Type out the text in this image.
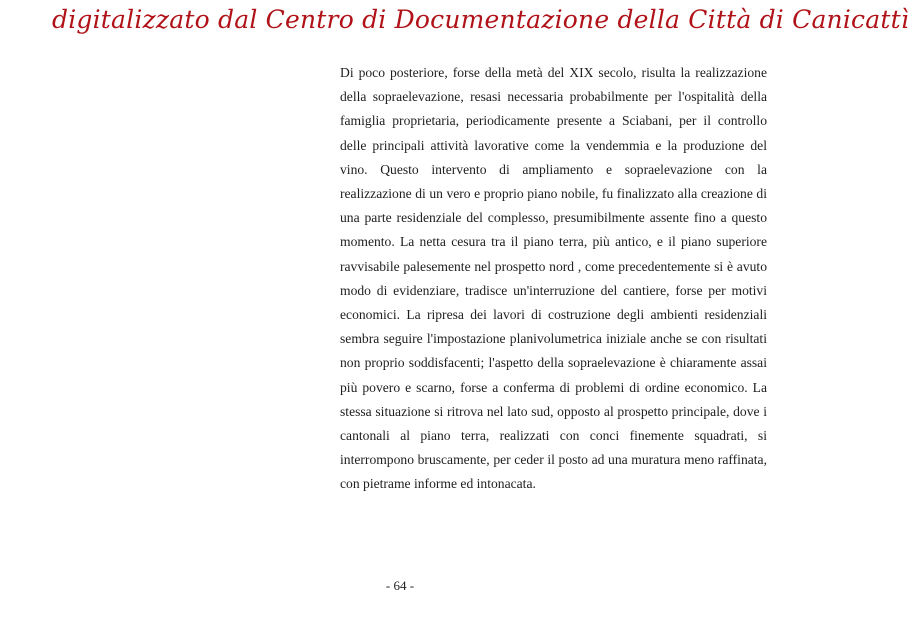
digitalizzato dal Centro di Documentazione della Città di Canicattì

Di poco posteriore, forse della metà del XIX secolo, risulta la realizzazione della sopraelevazione, resasi necessaria probabilmente per l'ospitalità della famiglia proprietaria, periodicamente presente a Sciabani, per il controllo delle principali attività lavorative come la vendemmia e la produzione del vino. Questo intervento di ampliamento e sopraelevazione con la realizzazione di un vero e proprio piano nobile, fu finalizzato alla creazione di una parte residenziale del complesso, presumibilmente assente fino a questo momento. La netta cesura tra il piano terra, più antico, e il piano superiore ravvisabile palesemente nel prospetto nord , come precedentemente si è avuto modo di evidenziare, tradisce un'interruzione del cantiere, forse per motivi economici. La ripresa dei lavori di costruzione degli ambienti residenziali sembra seguire l'impostazione planivolumetrica iniziale anche se con risultati non proprio soddisfacenti; l'aspetto della sopraelevazione è chiaramente assai più povero e scarno, forse a conferma di problemi di ordine economico. La stessa situazione si ritrova nel lato sud, opposto al prospetto principale, dove i cantonali al piano terra, realizzati con conci finemente squadrati, si interrompono bruscamente, per ceder il posto ad una muratura meno raffinata, con pietrame informe ed intonacata.

- 64 -
